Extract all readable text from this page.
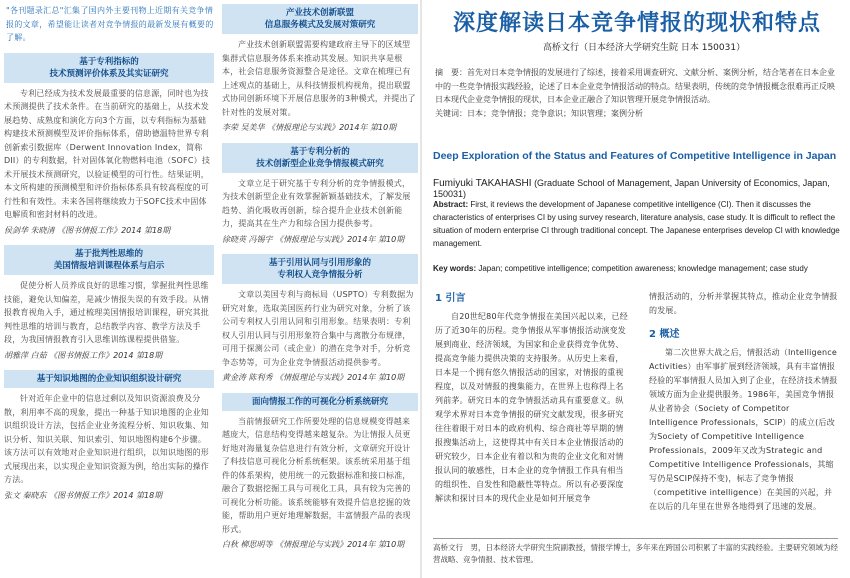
"各刊题录汇总"汇集了国内外主要刊物上近期有关竞争情报的文章，希望能让读者对竞争情报的最新发展有概要的了解。
基于专利指标的
技术预测评价体系及其实证研究
专利已经成为技术发展最重要的信息源，同时也为技术预测提供了技术条件。在当前研究的基础上，从技术发展趋势、成熟度和演化方向3个方面，以专利指标为基础构建技术预测模型及评价指标体系，借助德温特世界专利创新索引数据库（Derwent Innovation Index，简称DII）的专利数据，针对固体氧化物燃料电池（SOFC）技术开展技术预测研究，以验证模型的可行性。结果证明，本文所构建的预测模型和评价指标体系具有较高程度的可行性和有效性。未来各国将继续致力于SOFC技术中固体电解质和密封材料的改进。
侯剑华 朱晓清 《图书情报工作》2014 第18期
基于批判性思维的
美国情报培训课程体系与启示
促使分析人员养成良好的思维习惯，掌握批判性思维技能，避免认知偏差，是减少情报失误的有效手段。从情报教育视角入手，通过梳理美国情报培训课程，研究其批判性思维的培训与教育，总结教学内容、教学方法及手段，为我国情报教育引入思维训练课程提供借鉴。
胡雅萍 白茹 《图书情报工作》2014 第18期
基于知识地图的企业知识组织设计研究
针对近年企业中的信息过剩以及知识资源浪费及分散，利用率不高的现象，提出一种基于知识地图的企业知识组织设计方法，包括企业业务流程分析、知识收集、知识分析、知识关联、知识索引、知识地图构建6个步骤。该方法可以有效地对企业知识进行组织，以知识地图的形式展现出来，以实现企业知识资源为例，给出实际的操作方法。
张文 秦晓东 《图书情报工作》2014 第18期
产业技术创新联盟
信息服务模式及发展对策研究
产业技术创新联盟需要构建政府主导下的区域型集群式信息服务体系来推动其发展。知识共享是根本，社会信息服务资源整合是途径。文章在梳理已有上述观点的基础上，从科技情报机构视角，提出联盟式协同创新环境下开展信息服务的3种模式，并提出了针对性的发展对策。
李荣 吴美华 《情报理论与实践》2014年 第10期
基于专利分析的
技术创新型企业竞争情报模式研究
文章立足于研究基于专利分析的竞争情报模式，为技术创新型企业有效掌握新颖基础技术，了解发展趋势、消化吸收再创新，综合提升企业技术创新能力，提高其在生产力和综合国力提供参考。
徐晓英 冯锡宇 《情报理论与实践》2014年 第10期
基于引用认同与引用形象的
专利权人竞争情报分析
文章以美国专利与商标局（USPTO）专利数据为研究对象，选取美国医药行业为研究对象，分析了该公司专利权人引用认同和引用形象。结果表明：专利权人引用认同与引用形象符合集中与离散分布规律，可用于探测公司（或企业）的潜在竞争对手，分析竞争态势等，可为企业竞争情报活动提供参考。
黄金涛 陈利秀 《情报理论与实践》2014年 第10期
面向情报工作的可视化分析系统研究
当前情报研究工作所要处理的信息规模变得越来越庞大，信息结构变得越来越复杂。为让情报人员更好地对海量复杂信息进行有效分析，文章研究开设计了科技信息可视化分析系统框架。该系统采用基于组件的体系架构，使用统一的元数据标准和接口标准，融合了数据挖掘工具与可视化工具，具有较为完善的可视化分析功能。该系统能够有效提升信息挖掘的效能，帮助用户更好地理解数据，丰富情报产品的表现形式。
白秋 柳思明等 《情报理论与实践》2014年 第10期
深度解读日本竞争情报的现状和特点
高桥文行（日本经济大学研究生院 日本 150031）
摘　要：首先对日本竞争情报的发展进行了综述，接着采用调查研究、文献分析、案例分析，结合笔者在日本企业中的一些竞争情报实践经验，论述了日本企业竞争情报活动的特点。结果表明，传统的竞争情报概念很难再正反映日本现代企业竞争情报的现状，日本企业正融合了知识管理开展竞争情报活动。
关键词：日本；竞争情报；竞争意识；知识管理；案例分析
Deep Exploration of the Status and Features of Competitive Intelligence in Japan
Fumiyuki TAKAHASHI (Graduate School of Management, Japan University of Economics, Japan, 150031)
Abstract: First, it reviews the development of Japanese competitive intelligence (CI). Then it discusses the characteristics of enterprises CI by using survey research, literature analysis, case study. It is difficult to reflect the situation of modern enterprise CI through traditional concept. The Japanese enterprises develop CI with knowledge management.
Key words: Japan; competitive intelligence; competition awareness; knowledge management; case study
1 引言
自20世纪80年代竞争情报在美国兴起以来，已经历了近30年的历程。竞争情报从军事情报活动演变发展到商业、经济领域，为国家和企业获得竞争优势、提高竞争能力提供决策的支持服务。从历史上来看，日本是一个拥有悠久情报活动的国家，对情报的重视程度，以及对情报的搜集能力，在世界上也称得上名列前茅。研究日本的竞争情报活动具有重要意义。纵观学术界对日本竞争情报的研究文献发现，很多研究往往着眼于对日本的政府机构、综合商社等早期的情报搜集活动上，这使得其中有关日本企业情报活动的研究较少，日本企业有着以和为贵的企业文化和对情报认同的敏感性，日本企业的竞争情报工作具有相当的组织性、自发性和隐蔽性等特点。所以有必要深度解读和探讨日本的现代企业是如何开展竞争
情报活动的，分析并掌握其特点，推动企业竞争情报的发展。
2 概述
第二次世界大战之后，情报活动（Intelligence Activities）由军事扩展到经济领域，具有丰富情报经验的军事情报人员加入到了企业，在经济技术情报领域方面为企业提供服务。1986年，美国竞争情报从业者协会（Society of Competitor Intelligence Professionals，SCIP）的成立(后改为Society of Competitive Intelligence Professionals，2009年又改为Strategic and Competitive Intelligence Professionals，其缩写仍是SCIP保持不变)，标志了竞争情报（competitive intelligence）在美国的兴起，并在以后的几年里在世界各地得到了迅速的发展。
高桥文行　男，日本经济大学研究生院副教授，情报学博士，多年来在跨国公司积累了丰富的实践经验。主要研究领域为经营战略、竞争情报、技术管理。
